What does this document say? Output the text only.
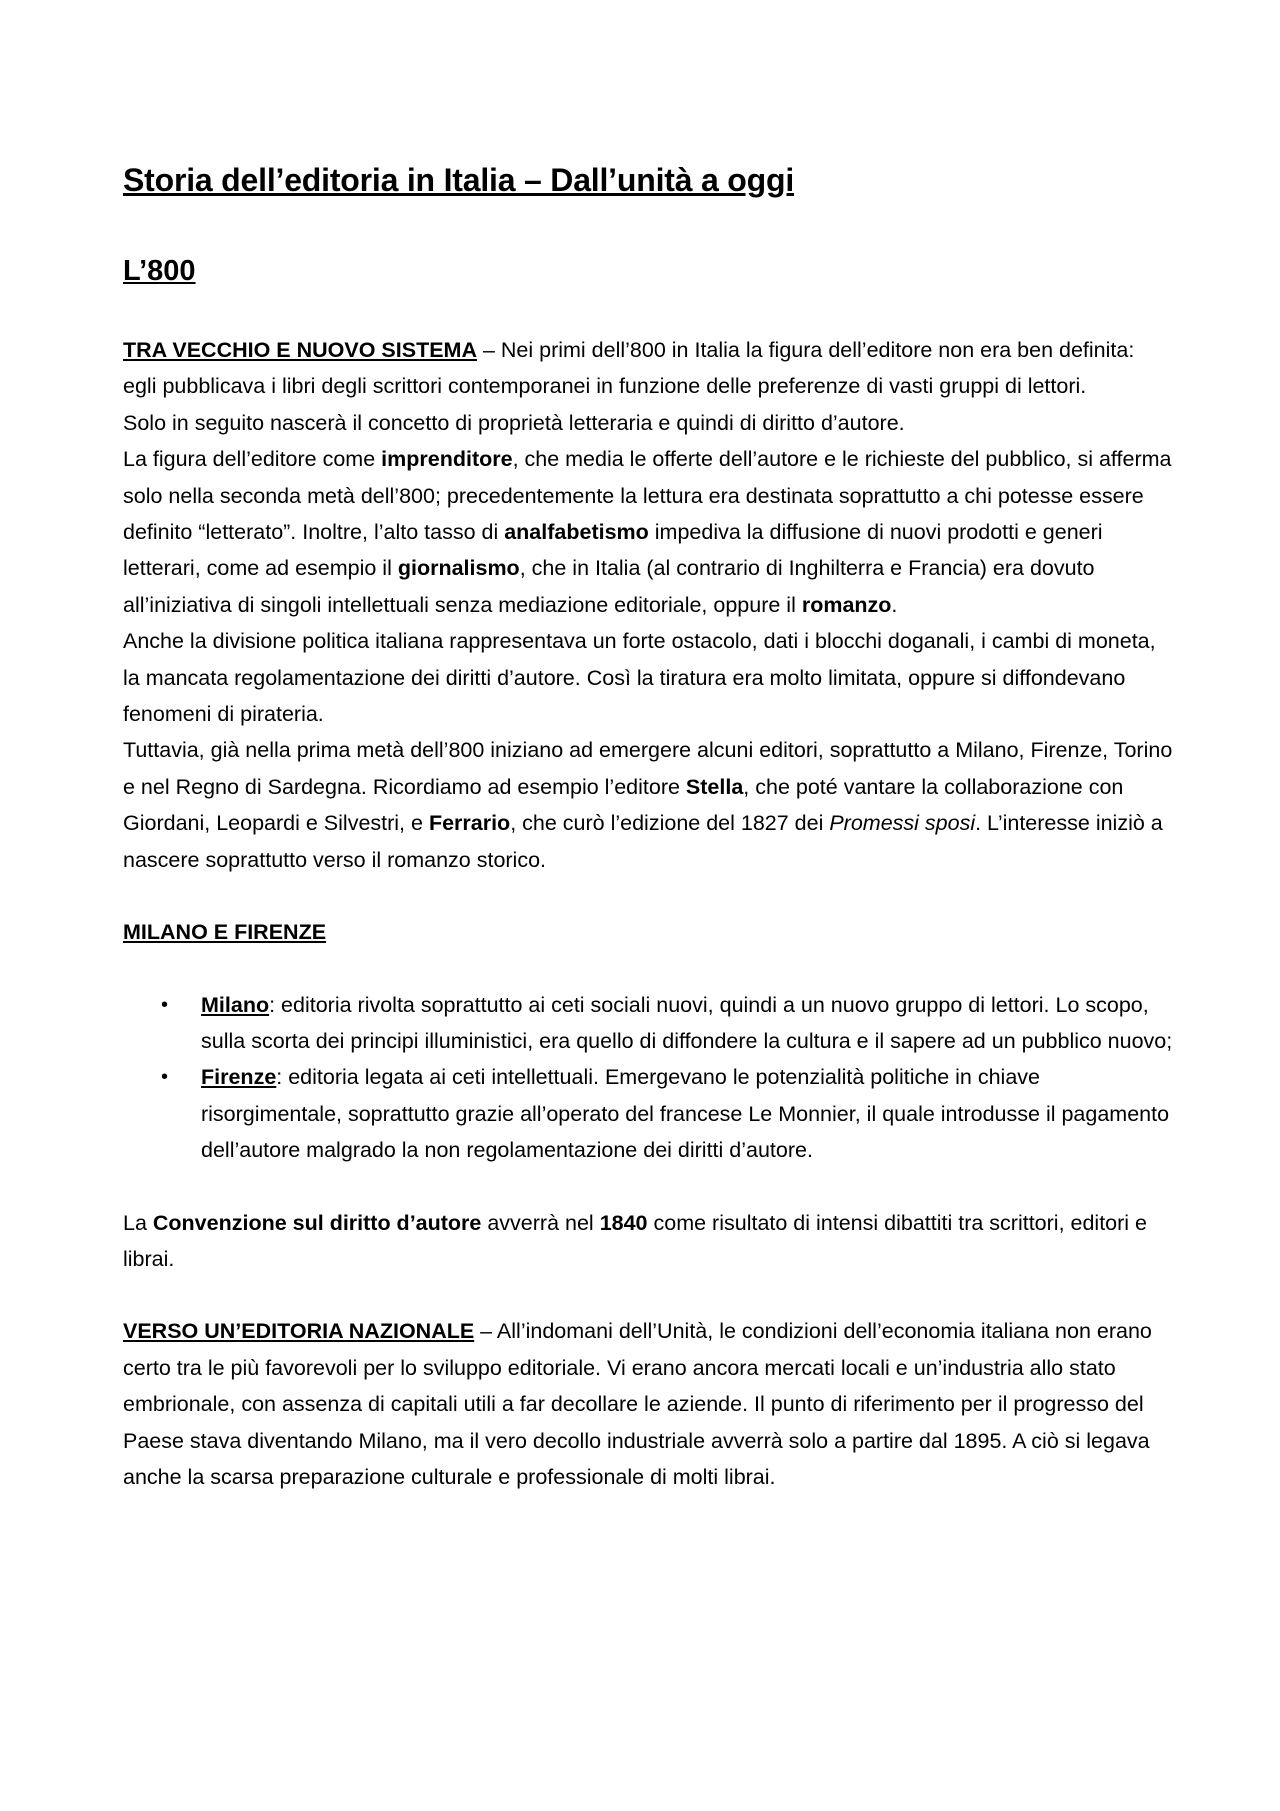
Storia dell’editoria in Italia – Dall’unità a oggi
L’800

TRA VECCHIO E NUOVO SISTEMA – Nei primi dell’800 in Italia la figura dell’editore non era ben definita: egli pubblicava i libri degli scrittori contemporanei in funzione delle preferenze di vasti gruppi di lettori.

Solo in seguito nascerà il concetto di proprietà letteraria e quindi di diritto d’autore.

La figura dell’editore come imprenditore, che media le offerte dell’autore e le richieste del pubblico, si afferma solo nella seconda metà dell’800; precedentemente la lettura era destinata soprattutto a chi potesse essere definito “letterato”. Inoltre, l’alto tasso di analfabetismo impediva la diffusione di nuovi prodotti e generi letterari, come ad esempio il giornalismo, che in Italia (al contrario di Inghilterra e Francia) era dovuto all’iniziativa di singoli intellettuali senza mediazione editoriale, oppure il romanzo.

Anche la divisione politica italiana rappresentava un forte ostacolo, dati i blocchi doganali, i cambi di moneta, la mancata regolamentazione dei diritti d’autore. Così la tiratura era molto limitata, oppure si diffondevano fenomeni di pirateria.

Tuttavia, già nella prima metà dell’800 iniziano ad emergere alcuni editori, soprattutto a Milano, Firenze, Torino e nel Regno di Sardegna. Ricordiamo ad esempio l’editore Stella, che poté vantare la collaborazione con Giordani, Leopardi e Silvestri, e Ferrario, che curò l’edizione del 1827 dei Promessi sposi. L’interesse iniziò a nascere soprattutto verso il romanzo storico.

MILANO E FIRENZE

• Milano: editoria rivolta soprattutto ai ceti sociali nuovi, quindi a un nuovo gruppo di lettori. Lo scopo, sulla scorta dei principi illuministici, era quello di diffondere la cultura e il sapere ad un pubblico nuovo;
• Firenze: editoria legata ai ceti intellettuali. Emergevano le potenzialità politiche in chiave risorgimentale, soprattutto grazie all’operato del francese Le Monnier, il quale introdusse il pagamento dell’autore malgrado la non regolamentazione dei diritti d’autore.

La Convenzione sul diritto d’autore avverrà nel 1840 come risultato di intensi dibattiti tra scrittori, editori e librai.

VERSO UN’EDITORIA NAZIONALE – All’indomani dell’Unità, le condizioni dell’economia italiana non erano certo tra le più favorevoli per lo sviluppo editoriale. Vi erano ancora mercati locali e un’industria allo stato embrionale, con assenza di capitali utili a far decollare le aziende. Il punto di riferimento per il progresso del Paese stava diventando Milano, ma il vero decollo industriale avverrà solo a partire dal 1895. A ciò si legava anche la scarsa preparazione culturale e professionale di molti librai.
